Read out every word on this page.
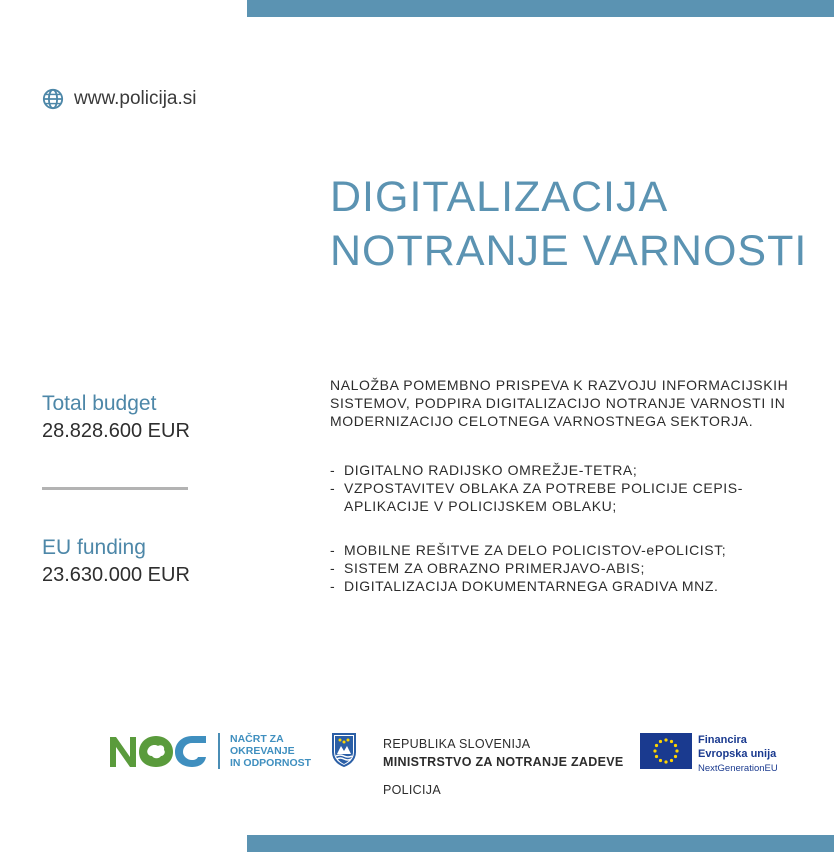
www.policija.si
DIGITALIZACIJA
NOTRANJE VARNOSTI
Total budget
28.828.600 EUR
EU funding
23.630.000 EUR
NALOŽBA POMEMBNO PRISPEVA K RAZVOJU INFORMACIJSKIH SISTEMOV, PODPIRA DIGITALIZACIJO NOTRANJE VARNOSTI IN MODERNIZACIJO CELOTNEGA VARNOSTNEGA SEKTORJA.
- DIGITALNO RADIJSKO OMREŽJE-TETRA;
- VZPOSTAVITEV OBLAKA ZA POTREBE POLICIJE CEPIS-APLIKACIJE V POLICIJSKEM OBLAKU;
- MOBILNE REŠITVE ZA DELO POLICISTOV-ePOLICIST;
- SISTEM ZA OBRAZNO PRIMERJAVO-ABIS;
- DIGITALIZACIJA DOKUMENTARNEGA GRADIVA MNZ.
NAČRT ZA
OKREVANJE
IN ODPORNOST
REPUBLIKA SLOVENIJA
MINISTRSTVO ZA NOTRANJE ZADEVE
POLICIJA
Financira
Evropska unija
NextGenerationEU
